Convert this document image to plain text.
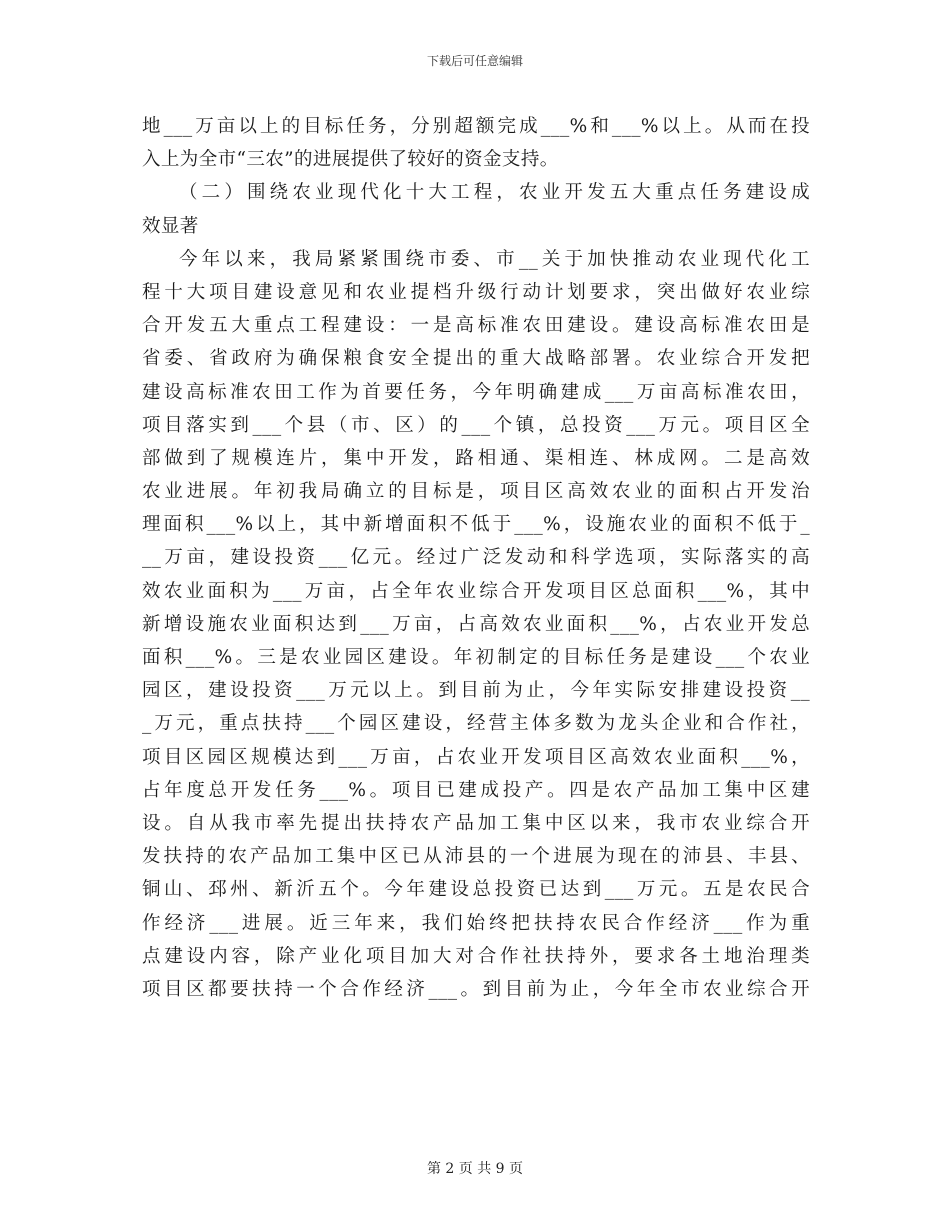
下载后可任意编辑
地___万亩以上的目标任务，分别超额完成___%和___%以上。从而在投
入上为全市“三农”的进展提供了较好的资金支持。
（二）围绕农业现代化十大工程，农业开发五大重点任务建设成
效显著
今年以来，我局紧紧围绕市委、市__关于加快推动农业现代化工
程十大项目建设意见和农业提档升级行动计划要求，突出做好农业综
合开发五大重点工程建设：一是高标准农田建设。建设高标准农田是
省委、省政府为确保粮食安全提出的重大战略部署。农业综合开发把
建设高标准农田工作为首要任务，今年明确建成___万亩高标准农田，
项目落实到___个县（市、区）的___个镇，总投资___万元。项目区全
部做到了规模连片，集中开发，路相通、渠相连、林成网。二是高效
农业进展。年初我局确立的目标是，项目区高效农业的面积占开发治
理面积___%以上，其中新增面积不低于___%，设施农业的面积不低于_
__万亩，建设投资___亿元。经过广泛发动和科学选项，实际落实的高
效农业面积为___万亩，占全年农业综合开发项目区总面积___%，其中
新增设施农业面积达到___万亩，占高效农业面积___%，占农业开发总
面积___%。三是农业园区建设。年初制定的目标任务是建设___个农业
园区，建设投资___万元以上。到目前为止，今年实际安排建设投资__
_万元，重点扶持___个园区建设，经营主体多数为龙头企业和合作社，
项目区园区规模达到___万亩，占农业开发项目区高效农业面积___%，
占年度总开发任务___%。项目已建成投产。四是农产品加工集中区建
设。自从我市率先提出扶持农产品加工集中区以来，我市农业综合开
发扶持的农产品加工集中区已从沛县的一个进展为现在的沛县、丰县、
铜山、邳州、新沂五个。今年建设总投资已达到___万元。五是农民合
作经济___进展。近三年来，我们始终把扶持农民合作经济___作为重
点建设内容，除产业化项目加大对合作社扶持外，要求各土地治理类
项目区都要扶持一个合作经济___。到目前为止，今年全市农业综合开
第 2 页 共 9 页
